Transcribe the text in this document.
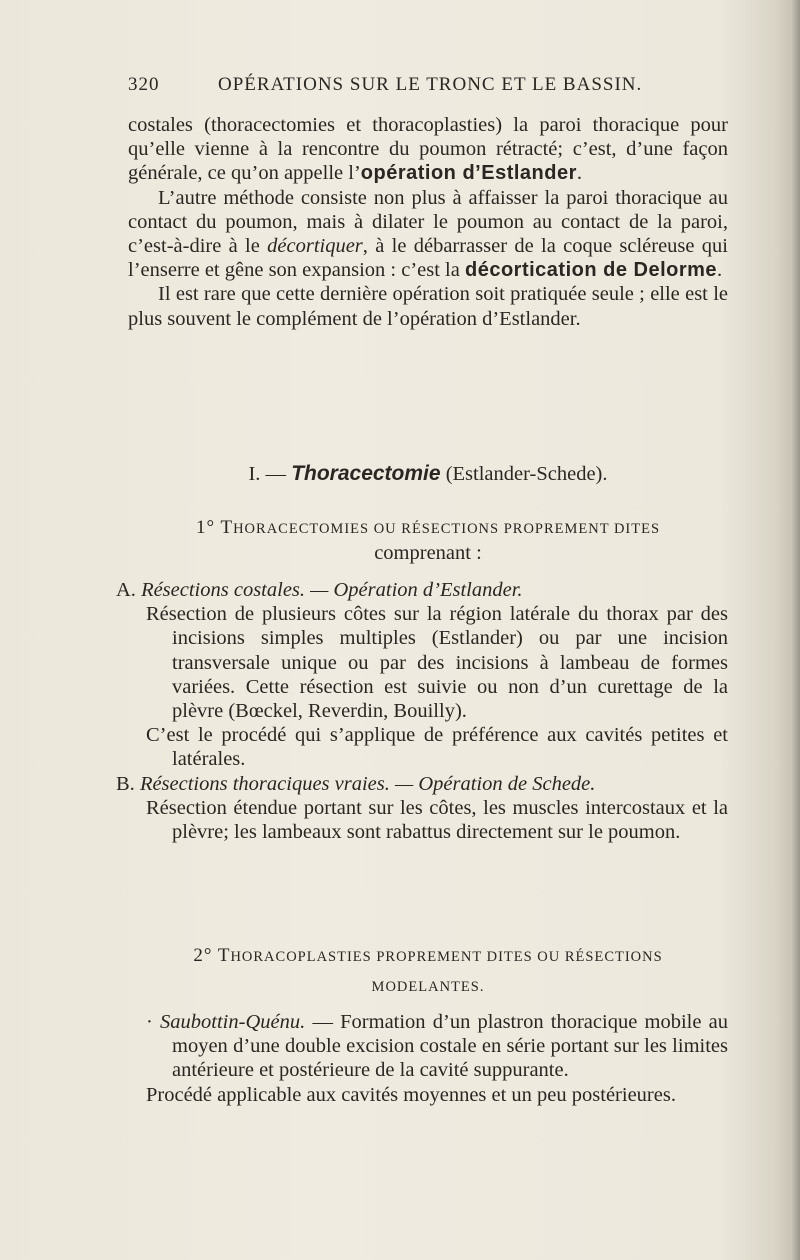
320	OPÉRATIONS SUR LE TRONC ET LE BASSIN.

costales (thoracectomies et thoracoplasties) la paroi thoracique pour qu’elle vienne à la rencontre du poumon rétracté; c’est, d’une façon générale, ce qu’on appelle l’opération d’Estlander.

L’autre méthode consiste non plus à affaisser la paroi thoracique au contact du poumon, mais à dilater le poumon au contact de la paroi, c’est-à-dire à le décortiquer, à le débarrasser de la coque scléreuse qui l’enserre et gêne son expansion : c’est la décortication de Delorme.

Il est rare que cette dernière opération soit pratiquée seule ; elle est le plus souvent le complément de l’opération d’Estlander.

I. — Thoracectomie (Estlander-Schede).
1° THORACECTOMIES OU RÉSECTIONS PROPREMENT DITES
comprenant :

A. Résections costales. — Opération d’Estlander.

Résection de plusieurs côtes sur la région latérale du thorax par des incisions simples multiples (Estlander) ou par une incision transversale unique ou par des incisions à lambeau de formes variées. Cette résection est suivie ou non d’un curettage de la plèvre (Bœckel, Reverdin, Bouilly).

C’est le procédé qui s’applique de préférence aux cavités petites et latérales.

B. Résections thoraciques vraies. — Opération de Schede.

Résection étendue portant sur les côtes, les muscles intercostaux et la plèvre; les lambeaux sont rabattus directement sur le poumon.

2° THORACOPLASTIES PROPREMENT DITES OU RÉSECTIONS
MODELANTES.

· Saubottin-Quénu. — Formation d’un plastron thoracique mobile au moyen d’une double excision costale en série portant sur les limites antérieure et postérieure de la cavité suppurante.

Procédé applicable aux cavités moyennes et un peu postérieures.
